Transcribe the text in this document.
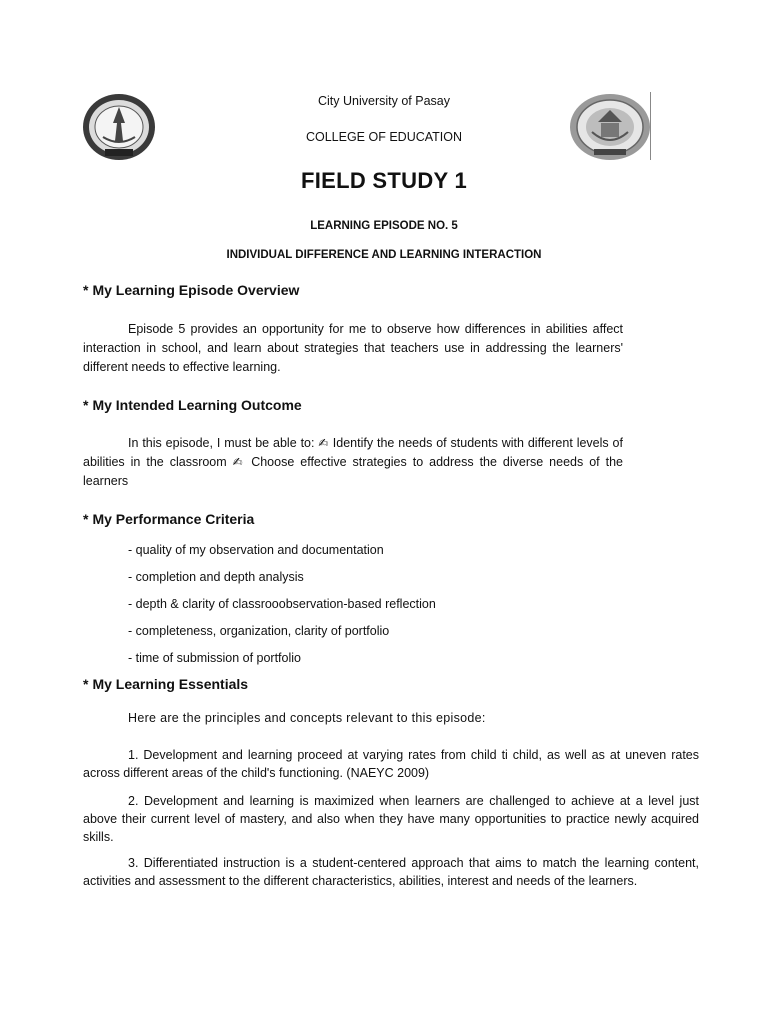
City University of Pasay
COLLEGE OF EDUCATION
FIELD STUDY 1
LEARNING EPISODE NO. 5
INDIVIDUAL DIFFERENCE AND LEARNING INTERACTION
* My Learning Episode Overview
Episode 5 provides an opportunity for me to observe how differences in abilities affect interaction in school, and learn about strategies that teachers use in addressing the learners' different needs to effective learning.
* My Intended Learning Outcome
In this episode, I must be able to: ✍ Identify the needs of students with different levels of abilities in the classroom ✍ Choose effective strategies to address the diverse needs of the learners
* My Performance Criteria
- quality of my observation and documentation
- completion and depth analysis
- depth & clarity of classrooobservation-based reflection
- completeness, organization, clarity of portfolio
- time of submission of portfolio
* My Learning Essentials
Here are the principles and concepts relevant to this episode:
1. Development and learning proceed at varying rates from child ti child, as well as at uneven rates across different areas of the child's functioning. (NAEYC 2009)
2. Development and learning is maximized when learners are challenged to achieve at a level just above their current level of mastery, and also when they have many opportunities to practice newly acquired skills.
3. Differentiated instruction is a student-centered approach that aims to match the learning content, activities and assessment to the different characteristics, abilities, interest and needs of the learners.
